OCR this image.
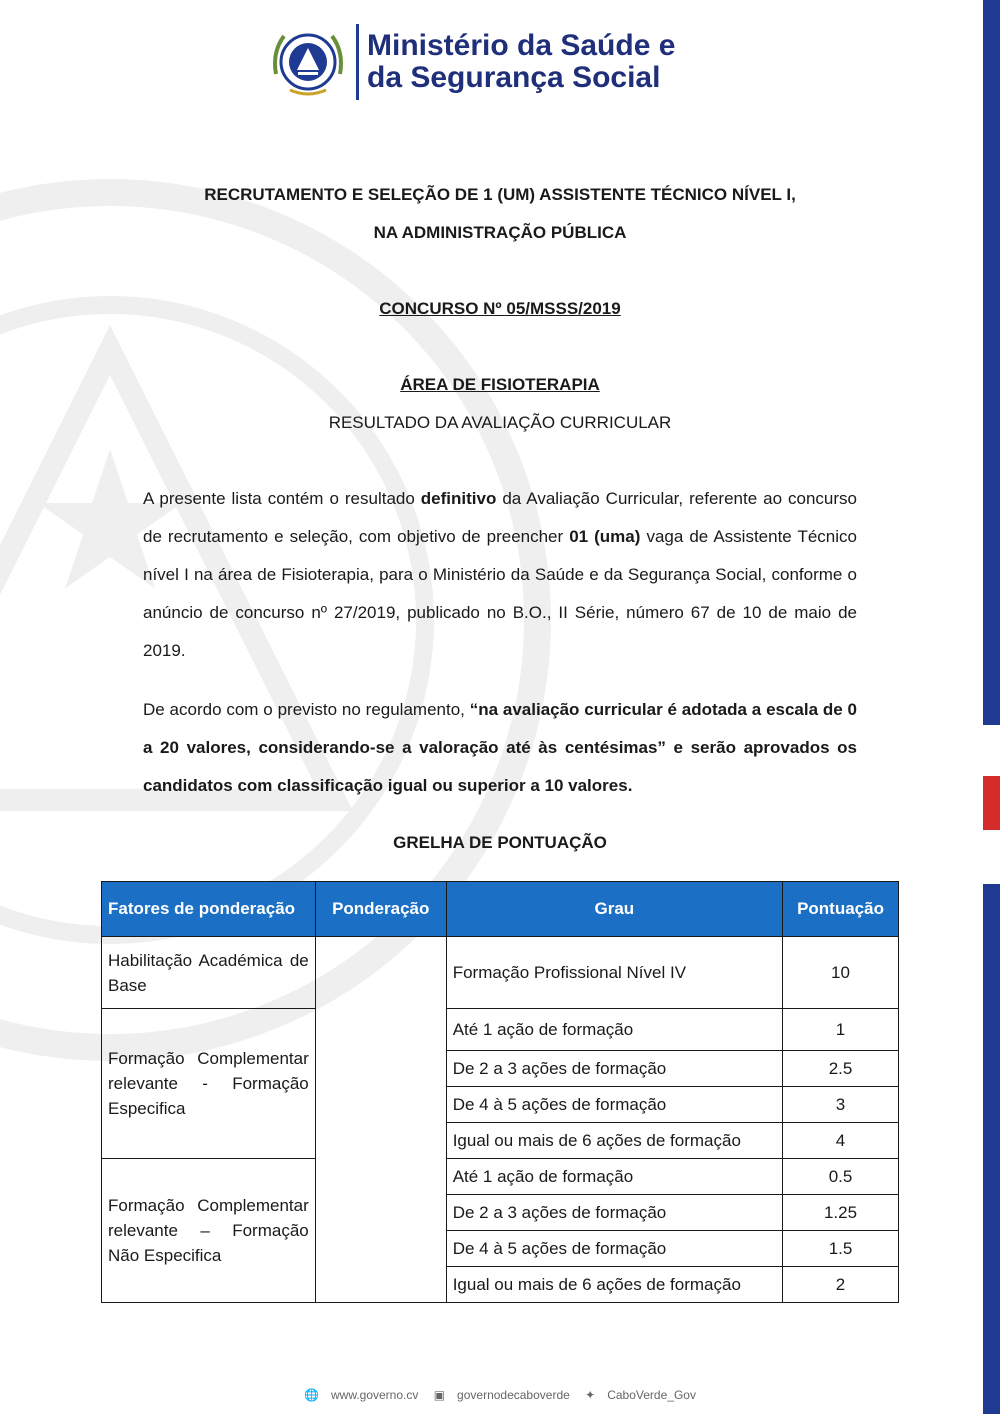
Ministério da Saúde e
da Segurança Social
RECRUTAMENTO E SELEÇÃO DE 1 (UM) ASSISTENTE TÉCNICO NÍVEL I,
NA ADMINISTRAÇÃO PÚBLICA
CONCURSO Nº 05/MSSS/2019
ÁREA DE FISIOTERAPIA
RESULTADO DA AVALIAÇÃO CURRICULAR
A presente lista contém o resultado definitivo da Avaliação Curricular, referente ao concurso de recrutamento e seleção, com objetivo de preencher 01 (uma) vaga de Assistente Técnico nível I na área de Fisioterapia, para o Ministério da Saúde e da Segurança Social, conforme o anúncio de concurso nº 27/2019, publicado no B.O., II Série, número 67 de 10 de maio de 2019.
De acordo com o previsto no regulamento, “na avaliação curricular é adotada a escala de 0 a 20 valores, considerando-se a valoração até às centésimas” e serão aprovados os candidatos com classificação igual ou superior a 10 valores.
GRELHA DE PONTUAÇÃO
Fatores de ponderação	Ponderação	Grau	Pontuação
Habilitação Académica de Base		Formação Profissional Nível IV	10
Formação Complementar relevante - Formação Especifica		Até 1 ação de formação	1
		De 2 a 3 ações de formação	2.5
		De 4 à 5 ações de formação	3
		Igual ou mais de 6 ações de formação	4
Formação Complementar relevante – Formação Não Especifica		Até 1 ação de formação	0.5
		De 2 a 3 ações de formação	1.25
		De 4 à 5 ações de formação	1.5
		Igual ou mais de 6 ações de formação	2
🌐 www.governo.cv ▣ governodecaboverde ✦ CaboVerde_Gov
